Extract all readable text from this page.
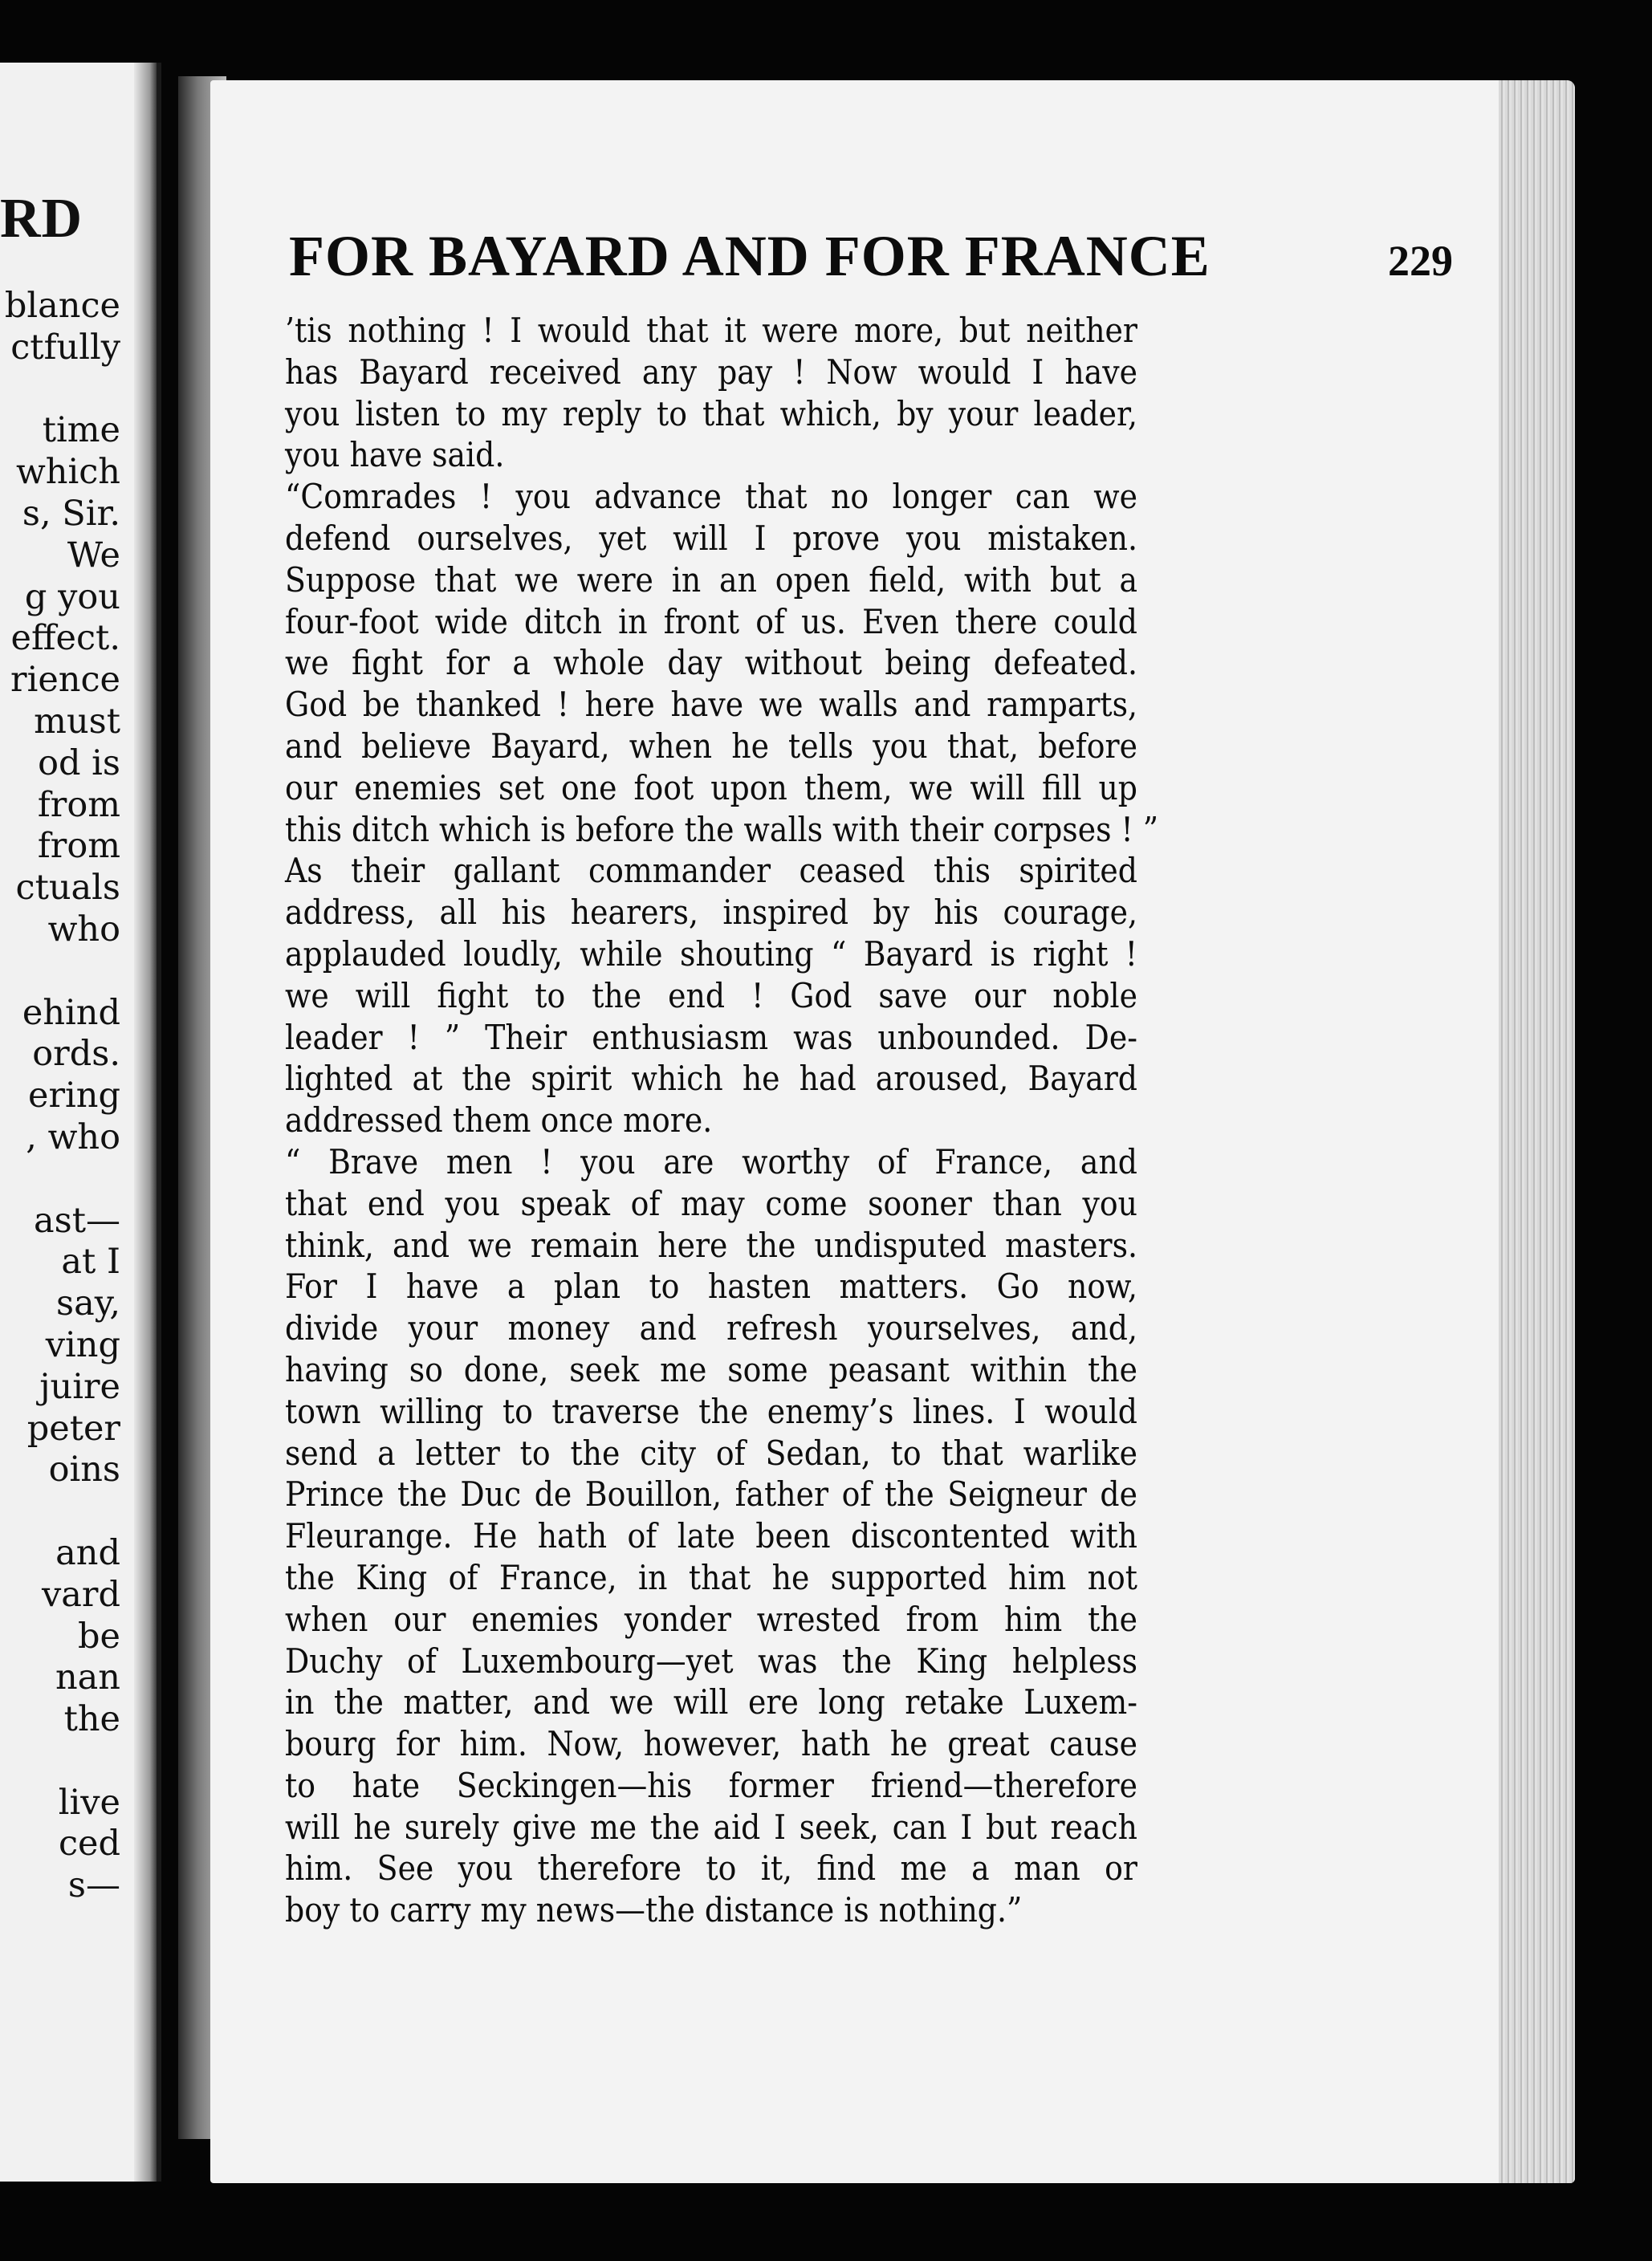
RD
blance
ctfully
time
which
s, Sir.
We
g you
effect.
rience
must
od is
from
from
ctuals
who
ehind
ords.
ering
, who
ast—
at I
say,
ving
juire
peter
oins
and
vard
be
nan
the
live
ced
s—
FOR BAYARD AND FOR FRANCE	229
’tis nothing ! I would that it were more, but neither
has Bayard received any pay ! Now would I have
you listen to my reply to that which, by your leader,
you have said.
“Comrades ! you advance that no longer can we
defend ourselves, yet will I prove you mistaken.
Suppose that we were in an open field, with but a
four-foot wide ditch in front of us. Even there could
we fight for a whole day without being defeated.
God be thanked ! here have we walls and ramparts,
and believe Bayard, when he tells you that, before
our enemies set one foot upon them, we will fill up
this ditch which is before the walls with their corpses ! ”
As their gallant commander ceased this spirited
address, all his hearers, inspired by his courage,
applauded loudly, while shouting “ Bayard is right !
we will fight to the end ! God save our noble
leader ! ” Their enthusiasm was unbounded. De-
lighted at the spirit which he had aroused, Bayard
addressed them once more.
“ Brave men ! you are worthy of France, and
that end you speak of may come sooner than you
think, and we remain here the undisputed masters.
For I have a plan to hasten matters. Go now,
divide your money and refresh yourselves, and,
having so done, seek me some peasant within the
town willing to traverse the enemy’s lines. I would
send a letter to the city of Sedan, to that warlike
Prince the Duc de Bouillon, father of the Seigneur de
Fleurange. He hath of late been discontented with
the King of France, in that he supported him not
when our enemies yonder wrested from him the
Duchy of Luxembourg—yet was the King helpless
in the matter, and we will ere long retake Luxem-
bourg for him. Now, however, hath he great cause
to hate Seckingen—his former friend—therefore
will he surely give me the aid I seek, can I but reach
him. See you therefore to it, find me a man or
boy to carry my news—the distance is nothing.”
